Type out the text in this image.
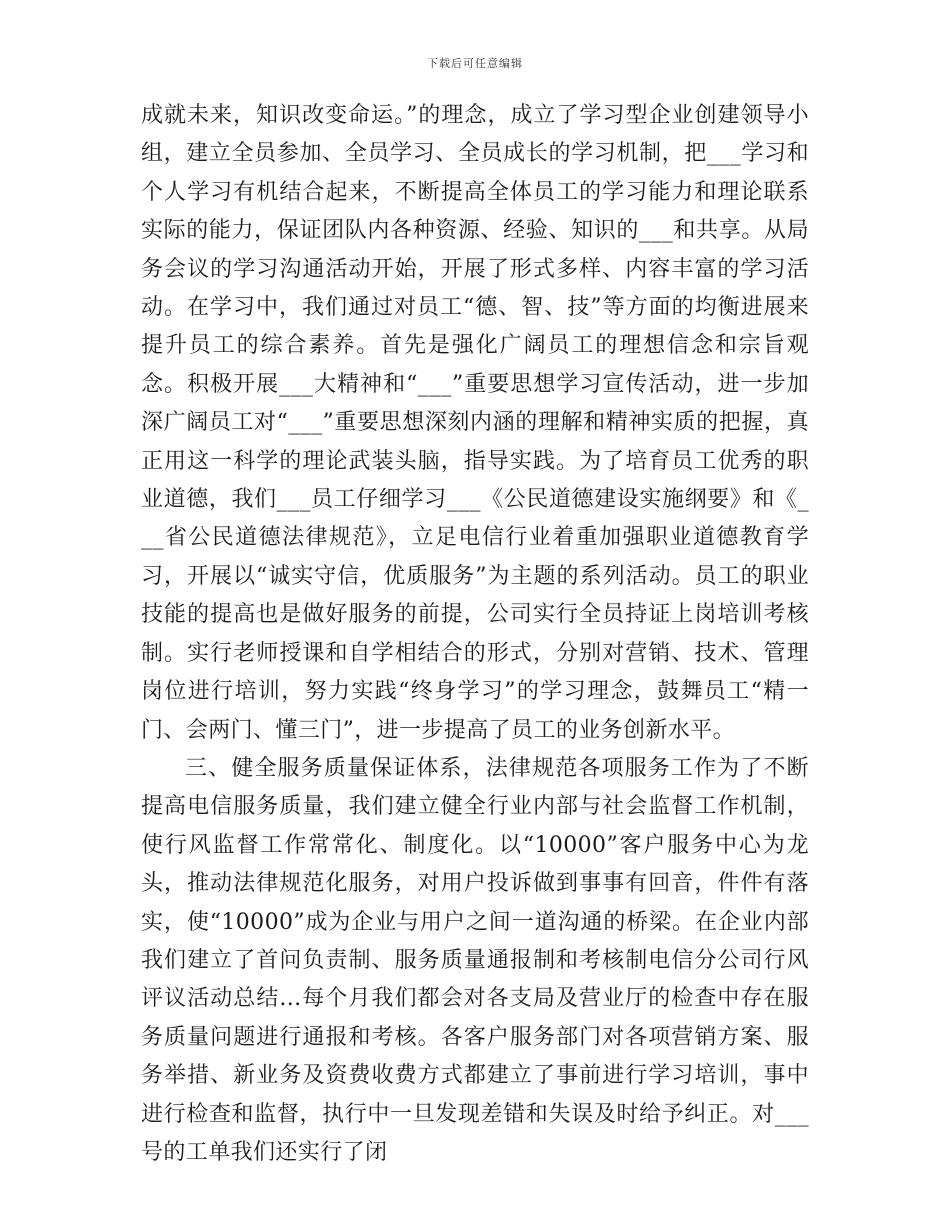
下载后可任意编辑

成就未来，知识改变命运。”的理念，成立了学习型企业创建领导小组，建立全员参加、全员学习、全员成长的学习机制，把___学习和个人学习有机结合起来，不断提高全体员工的学习能力和理论联系实际的能力，保证团队内各种资源、经验、知识的___和共享。从局务会议的学习沟通活动开始，开展了形式多样、内容丰富的学习活动。在学习中，我们通过对员工“德、智、技”等方面的均衡进展来提升员工的综合素养。首先是强化广阔员工的理想信念和宗旨观念。积极开展___大精神和“___”重要思想学习宣传活动，进一步加深广阔员工对“___”重要思想深刻内涵的理解和精神实质的把握，真正用这一科学的理论武装头脑，指导实践。为了培育员工优秀的职业道德，我们___员工仔细学习___《公民道德建设实施纲要》和《___省公民道德法律规范》，立足电信行业着重加强职业道德教育学习，开展以“诚实守信，优质服务”为主题的系列活动。员工的职业技能的提高也是做好服务的前提，公司实行全员持证上岗培训考核制。实行老师授课和自学相结合的形式，分别对营销、技术、管理岗位进行培训，努力实践“终身学习”的学习理念，鼓舞员工“精一门、会两门、懂三门”，进一步提高了员工的业务创新水平。

三、健全服务质量保证体系，法律规范各项服务工作为了不断提高电信服务质量，我们建立健全行业内部与社会监督工作机制，使行风监督工作常常化、制度化。以“10000”客户服务中心为龙头，推动法律规范化服务，对用户投诉做到事事有回音，件件有落实，使“10000”成为企业与用户之间一道沟通的桥梁。在企业内部我们建立了首问负责制、服务质量通报制和考核制电信分公司行风评议活动总结...每个月我们都会对各支局及营业厅的检查中存在服务质量问题进行通报和考核。各客户服务部门对各项营销方案、服务举措、新业务及资费收费方式都建立了事前进行学习培训，事中进行检查和监督，执行中一旦发现差错和失误及时给予纠正。对___号的工单我们还实行了闭
